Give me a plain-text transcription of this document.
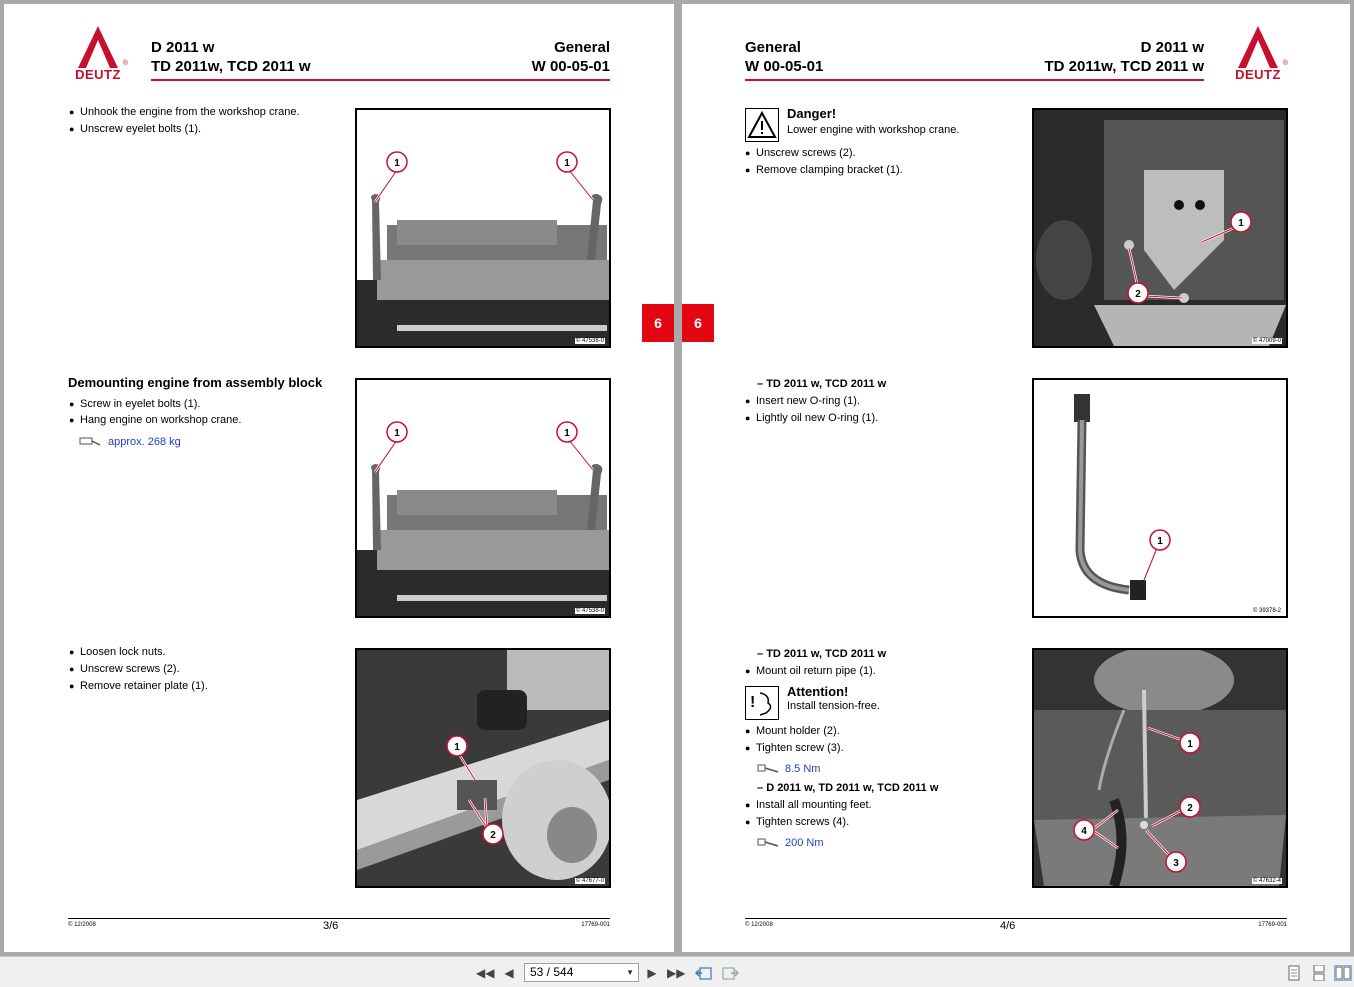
DEUTZ
®
D 2011 w
TD 2011w, TCD 2011 w
General
W 00-05-01
● Unhook the engine from the workshop crane.
● Unscrew eyelet bolts (1).
1	1
© 47538-0
Demounting engine from assembly block
● Screw in eyelet bolts (1).
● Hang engine on workshop crane.
approx. 268 kg
1	1
© 47538-0
● Loosen lock nuts.
● Unscrew screws (2).
● Remove retainer plate (1).
1
2
© 47677-0
© 12/2008	3/6	17769-001
6	6
DEUTZ
®
General
W 00-05-01
D 2011 w
TD 2011w, TCD 2011 w
Danger!
Lower engine with workshop crane.
● Unscrew screws (2).
● Remove clamping bracket (1).
1
2
© 47009-0
– TD 2011 w, TCD 2011 w
● Insert new O-ring (1).
● Lightly oil new O-ring (1).
1
© 39378-2
– TD 2011 w, TCD 2011 w
● Mount oil return pipe (1).
!
Attention!
Install tension-free.
● Mount holder (2).
● Tighten screw (3).
8.5 Nm
– D 2011 w, TD 2011 w, TCD 2011 w
● Install all mounting feet.
● Tighten screws (4).
200 Nm
1
2
3
4
© 47632-4
© 12/2008	4/6	17769-001
◀◀ ◀	53 / 544	▼	▶ ▶▶
